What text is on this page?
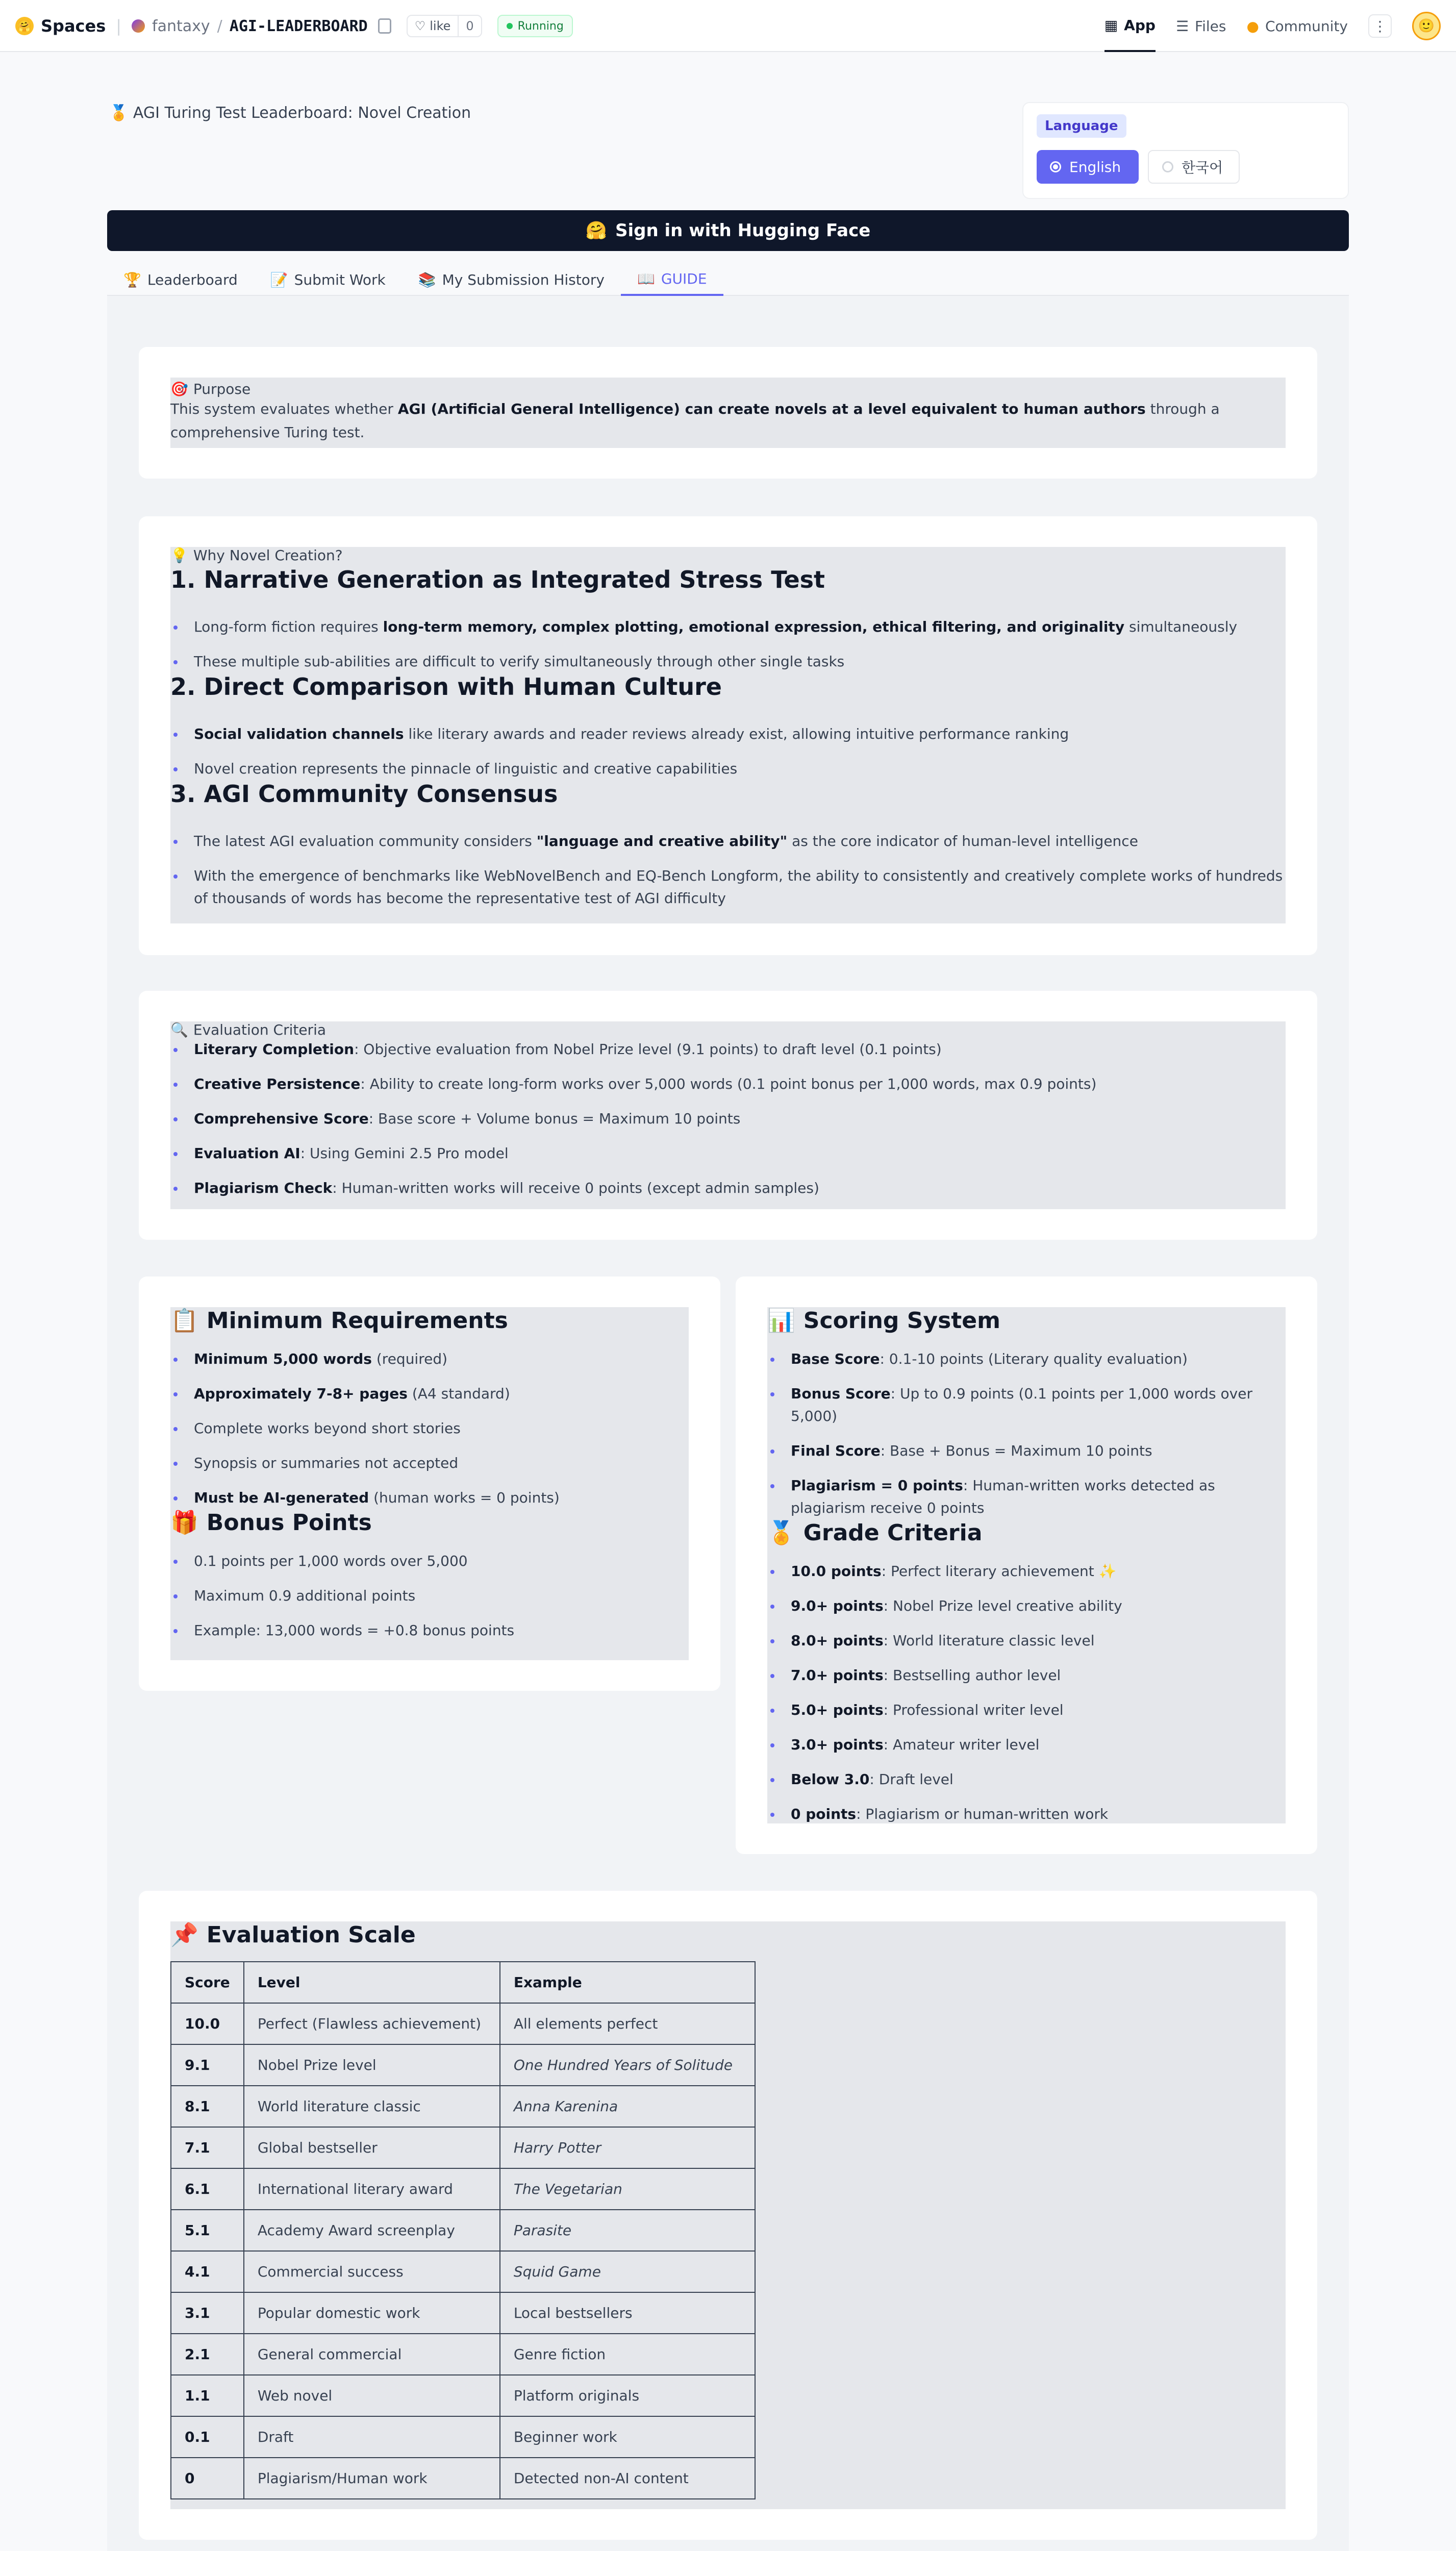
🤗 Spaces | fantaxy / AGI-LEADERBOARD	♡ like	0	Running	▦ App ☰ Files ● Community	⋮	🙂
🏅 AGI Turing Test Leaderboard: Novel Creation
Language
English	한국어
🤗 Sign in with Hugging Face
🏆 Leaderboard 📝 Submit Work 📚 My Submission History 📖 GUIDE
🎯 Purpose
This system evaluates whether AGI (Artificial General Intelligence) can create novels at a level equivalent to human authors through a comprehensive Turing test.
💡 Why Novel Creation?
1. Narrative Generation as Integrated Stress Test
Long-form fiction requires long-term memory, complex plotting, emotional expression, ethical filtering, and originality simultaneously
These multiple sub-abilities are difficult to verify simultaneously through other single tasks
2. Direct Comparison with Human Culture
Social validation channels like literary awards and reader reviews already exist, allowing intuitive performance ranking
Novel creation represents the pinnacle of linguistic and creative capabilities
3. AGI Community Consensus
The latest AGI evaluation community considers "language and creative ability" as the core indicator of human-level intelligence
With the emergence of benchmarks like WebNovelBench and EQ-Bench Longform, the ability to consistently and creatively complete works of hundreds of thousands of words has become the representative test of AGI difficulty
🔍 Evaluation Criteria
Literary Completion: Objective evaluation from Nobel Prize level (9.1 points) to draft level (0.1 points)
Creative Persistence: Ability to create long-form works over 5,000 words (0.1 point bonus per 1,000 words, max 0.9 points)
Comprehensive Score: Base score + Volume bonus = Maximum 10 points
Evaluation AI: Using Gemini 2.5 Pro model
Plagiarism Check: Human-written works will receive 0 points (except admin samples)
📋 Minimum Requirements
Minimum 5,000 words (required)
Approximately 7-8+ pages (A4 standard)
Complete works beyond short stories
Synopsis or summaries not accepted
Must be AI-generated (human works = 0 points)
🎁 Bonus Points
0.1 points per 1,000 words over 5,000
Maximum 0.9 additional points
Example: 13,000 words = +0.8 bonus points
📊 Scoring System
Base Score: 0.1-10 points (Literary quality evaluation)
Bonus Score: Up to 0.9 points (0.1 points per 1,000 words over 5,000)
Final Score: Base + Bonus = Maximum 10 points
Plagiarism = 0 points: Human-written works detected as plagiarism receive 0 points
🏅 Grade Criteria
10.0 points: Perfect literary achievement ✨
9.0+ points: Nobel Prize level creative ability
8.0+ points: World literature classic level
7.0+ points: Bestselling author level
5.0+ points: Professional writer level
3.0+ points: Amateur writer level
Below 3.0: Draft level
0 points: Plagiarism or human-written work
📌 Evaluation Scale
Score	Level	Example
10.0	Perfect (Flawless achievement)	All elements perfect
9.1	Nobel Prize level	One Hundred Years of Solitude
8.1	World literature classic	Anna Karenina
7.1	Global bestseller	Harry Potter
6.1	International literary award	The Vegetarian
5.1	Academy Award screenplay	Parasite
4.1	Commercial success	Squid Game
3.1	Popular domestic work	Local bestsellers
2.1	General commercial	Genre fiction
1.1	Web novel	Platform originals
0.1	Draft	Beginner work
0	Plagiarism/Human work	Detected non-AI content
